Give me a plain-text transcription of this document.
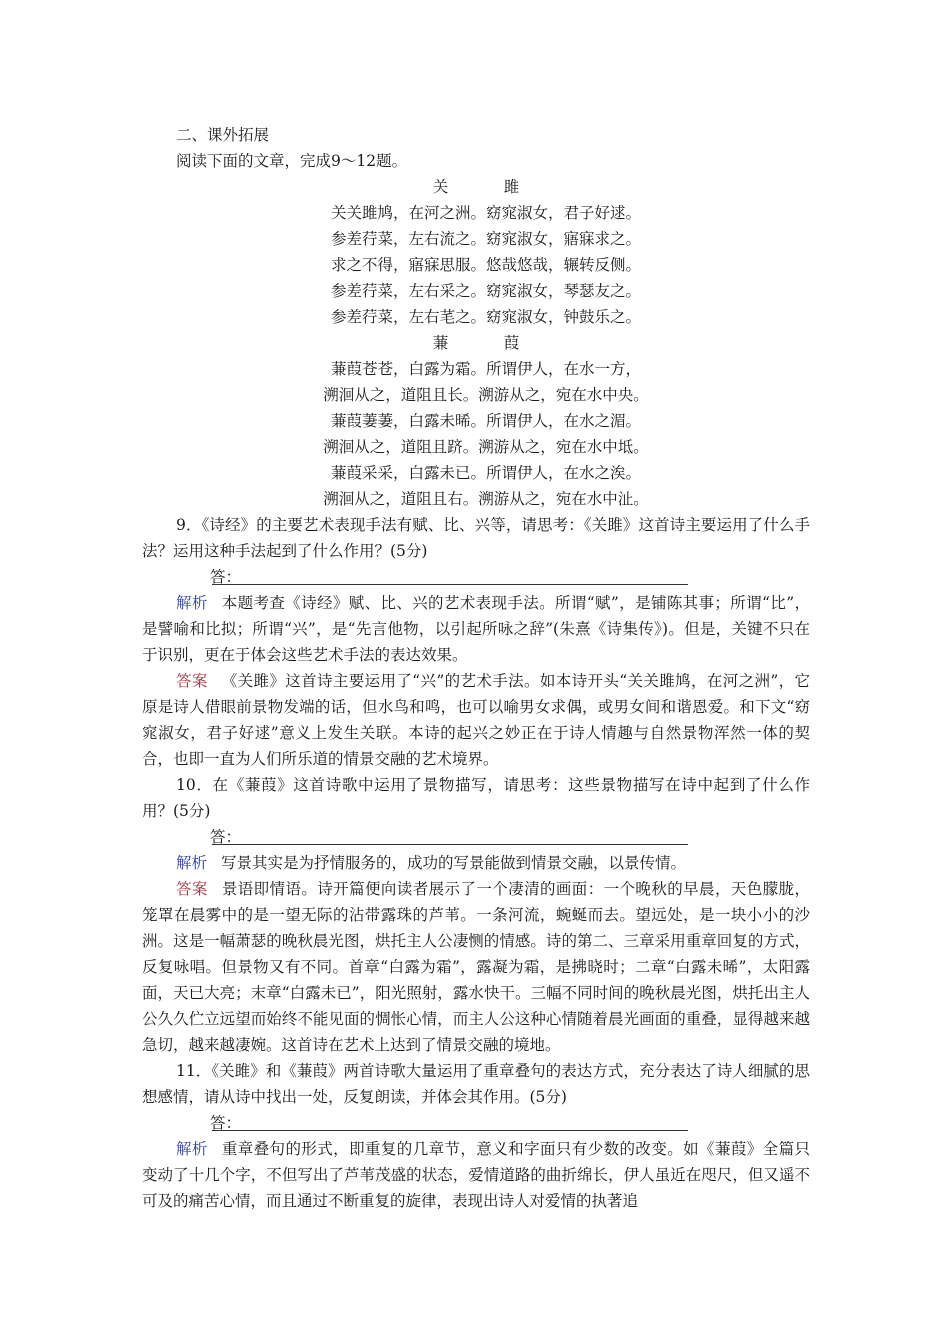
二、课外拓展
阅读下面的文章，完成9～12题。
关　雎
关关雎鸠，在河之洲。窈窕淑女，君子好逑。
参差荇菜，左右流之。窈窕淑女，寤寐求之。
求之不得，寤寐思服。悠哉悠哉，辗转反侧。
参差荇菜，左右采之。窈窕淑女，琴瑟友之。
参差荇菜，左右芼之。窈窕淑女，钟鼓乐之。
蒹　葭
蒹葭苍苍，白露为霜。所谓伊人，在水一方，
溯洄从之，道阻且长。溯游从之，宛在水中央。
蒹葭萋萋，白露未晞。所谓伊人，在水之湄。
溯洄从之，道阻且跻。溯游从之，宛在水中坻。
蒹葭采采，白露未已。所谓伊人，在水之涘。
溯洄从之，道阻且右。溯游从之，宛在水中沚。
9．《诗经》的主要艺术表现手法有赋、比、兴等，请思考：《关雎》这首诗主要运用了什么手法？运用这种手法起到了什么作用？(5分)
答：
解析 本题考查《诗经》赋、比、兴的艺术表现手法。所谓“赋”，是铺陈其事；所谓“比”，是譬喻和比拟；所谓“兴”，是“先言他物，以引起所咏之辞”(朱熹《诗集传》)。但是，关键不只在于识别，更在于体会这些艺术手法的表达效果。
答案 《关雎》这首诗主要运用了“兴”的艺术手法。如本诗开头“关关雎鸠，在河之洲”，它原是诗人借眼前景物发端的话，但水鸟和鸣，也可以喻男女求偶，或男女间和谐恩爱。和下文“窈窕淑女，君子好逑”意义上发生关联。本诗的起兴之妙正在于诗人情趣与自然景物浑然一体的契合，也即一直为人们所乐道的情景交融的艺术境界。
10．在《蒹葭》这首诗歌中运用了景物描写，请思考：这些景物描写在诗中起到了什么作用？(5分)
答：
解析 写景其实是为抒情服务的，成功的写景能做到情景交融，以景传情。
答案 景语即情语。诗开篇便向读者展示了一个凄清的画面：一个晚秋的早晨，天色朦胧，笼罩在晨雾中的是一望无际的沾带露珠的芦苇。一条河流，蜿蜒而去。望远处，是一块小小的沙洲。这是一幅萧瑟的晚秋晨光图，烘托主人公凄恻的情感。诗的第二、三章采用重章回复的方式，反复咏唱。但景物又有不同。首章“白露为霜”，露凝为霜，是拂晓时；二章“白露未晞”，太阳露面，天已大亮；末章“白露未已”，阳光照射，露水快干。三幅不同时间的晚秋晨光图，烘托出主人公久久伫立远望而始终不能见面的惆怅心情，而主人公这种心情随着晨光画面的重叠，显得越来越急切，越来越凄婉。这首诗在艺术上达到了情景交融的境地。
11．《关雎》和《蒹葭》两首诗歌大量运用了重章叠句的表达方式，充分表达了诗人细腻的思想感情，请从诗中找出一处，反复朗读，并体会其作用。(5分)
答：
解析 重章叠句的形式，即重复的几章节，意义和字面只有少数的改变。如《蒹葭》全篇只变动了十几个字，不但写出了芦苇茂盛的状态，爱情道路的曲折绵长，伊人虽近在咫尺，但又遥不可及的痛苦心情，而且通过不断重复的旋律，表现出诗人对爱情的执著追
